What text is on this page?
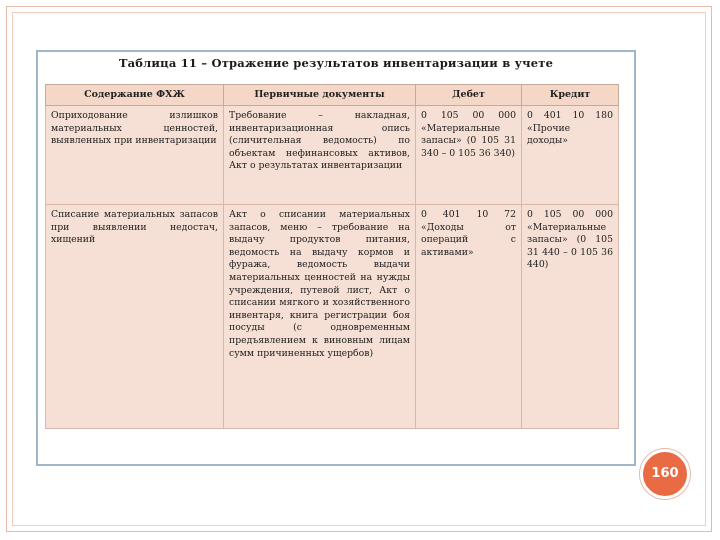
Таблица 11 – Отражение результатов инвентаризации в учете
Содержание ФХЖ	Первичные документы	Дебет	Кредит
Оприходование излишков материальных ценностей, выявленных при инвентаризации	Требование – накладная, инвентаризационная опись (сличительная ведомость) по объектам нефинансовых активов, Акт о результатах инвентаризации	0 105 00 000 «Материальные запасы» (0 105 31 340 – 0 105 36 340)	0 401 10 180 «Прочие доходы»
Списание материальных запасов при выявлении недостач, хищений	Акт о списании материальных запасов, меню – требование на выдачу продуктов питания, ведомость на выдачу кормов и фуража, ведомость выдачи материальных ценностей на нужды учреждения, путевой лист, Акт о списании мягкого и хозяйственного инвентаря, книга регистрации боя посуды (с одновременным предъявлением к виновным лицам сумм причиненных ущербов)	0 401 10 72 «Доходы от операций с активами»	0 105 00 000 «Материальные запасы» (0 105 31 440 – 0 105 36 440)
160
